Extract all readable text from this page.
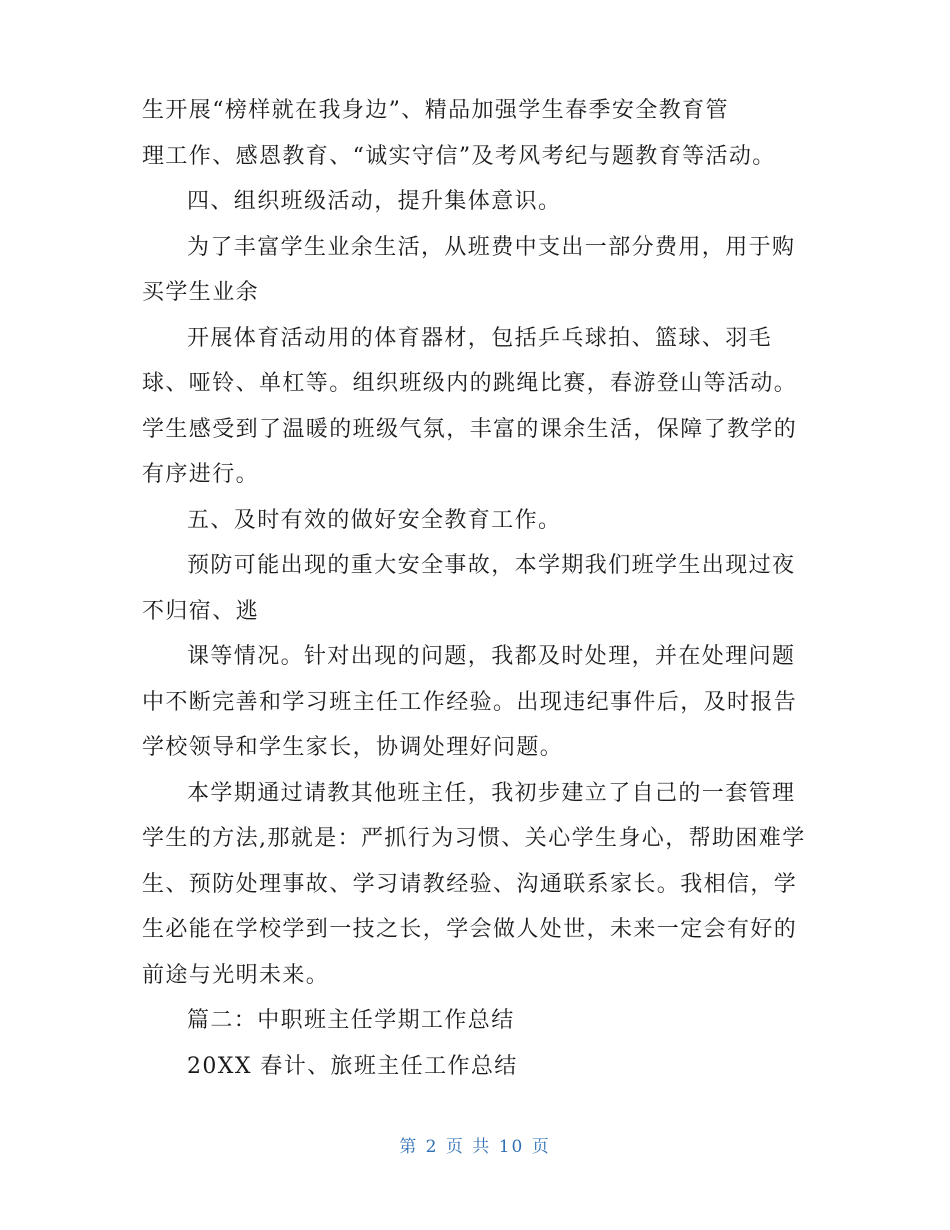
生开展“榜样就在我身边”、精品加强学生春季安全教育管

理工作、感恩教育、“诚实守信”及考风考纪与题教育等活动。

四、组织班级活动，提升集体意识。

为了丰富学生业余生活，从班费中支出一部分费用，用于购

买学生业余

开展体育活动用的体育器材，包括乒乓球拍、篮球、羽毛

球、哑铃、单杠等。组织班级内的跳绳比赛，春游登山等活动。

学生感受到了温暖的班级气氛，丰富的课余生活，保障了教学的

有序进行。

五、及时有效的做好安全教育工作。

预防可能出现的重大安全事故，本学期我们班学生出现过夜

不归宿、逃

课等情况。针对出现的问题，我都及时处理，并在处理问题

中不断完善和学习班主任工作经验。出现违纪事件后，及时报告

学校领导和学生家长，协调处理好问题。

本学期通过请教其他班主任，我初步建立了自己的一套管理

学生的方法,那就是：严抓行为习惯、关心学生身心，帮助困难学

生、预防处理事故、学习请教经验、沟通联系家长。我相信，学

生必能在学校学到一技之长，学会做人处世，未来一定会有好的

前途与光明未来。

篇二：中职班主任学期工作总结

20XX 春计、旅班主任工作总结

第 2 页 共 10 页
